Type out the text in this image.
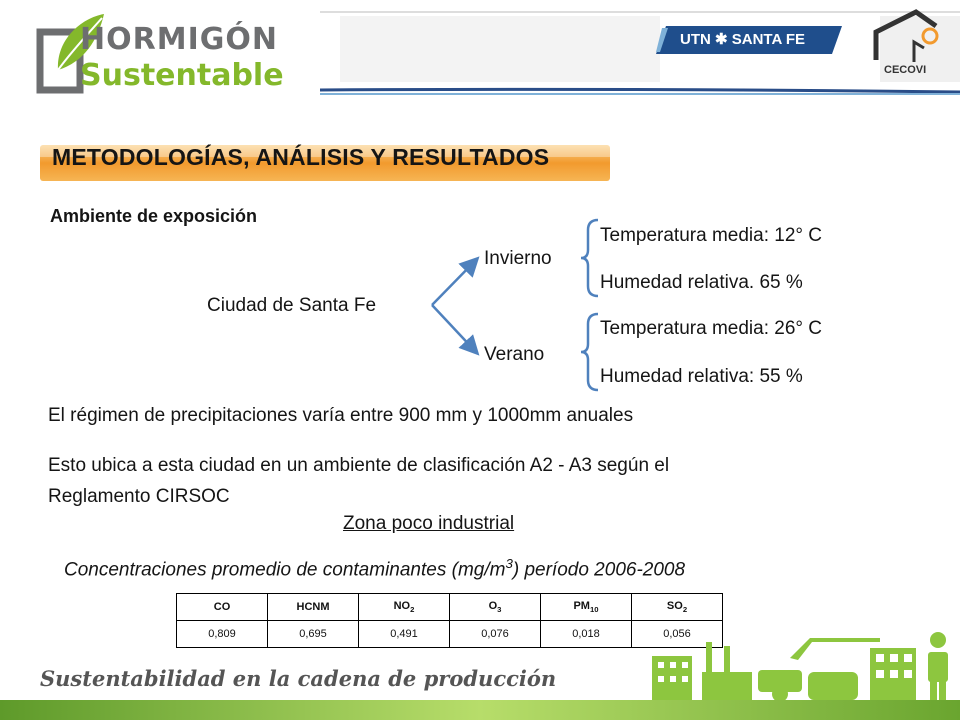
HORMIGÓN
Sustentable
UTN ✱ SANTA FE
CECOVI
METODOLOGÍAS, ANÁLISIS Y RESULTADOS
Ambiente de exposición
Ciudad de Santa Fe
Invierno
Verano
Temperatura media: 12° C
Humedad relativa. 65 %
Temperatura media: 26° C
Humedad relativa: 55 %
El régimen de precipitaciones varía entre 900 mm y 1000mm anuales
Esto ubica a esta ciudad en un ambiente de clasificación A2 - A3 según el
Reglamento CIRSOC
Zona poco industrial
Concentraciones promedio de contaminantes $(mg/m^3)$ período 2006-2008
CO	HCNM	$NO_2$	$O_3$	$PM_{10}$	$SO_2$
0,809	0,695	0,491	0,076	0,018	0,056
Sustentabilidad en la cadena de producción
